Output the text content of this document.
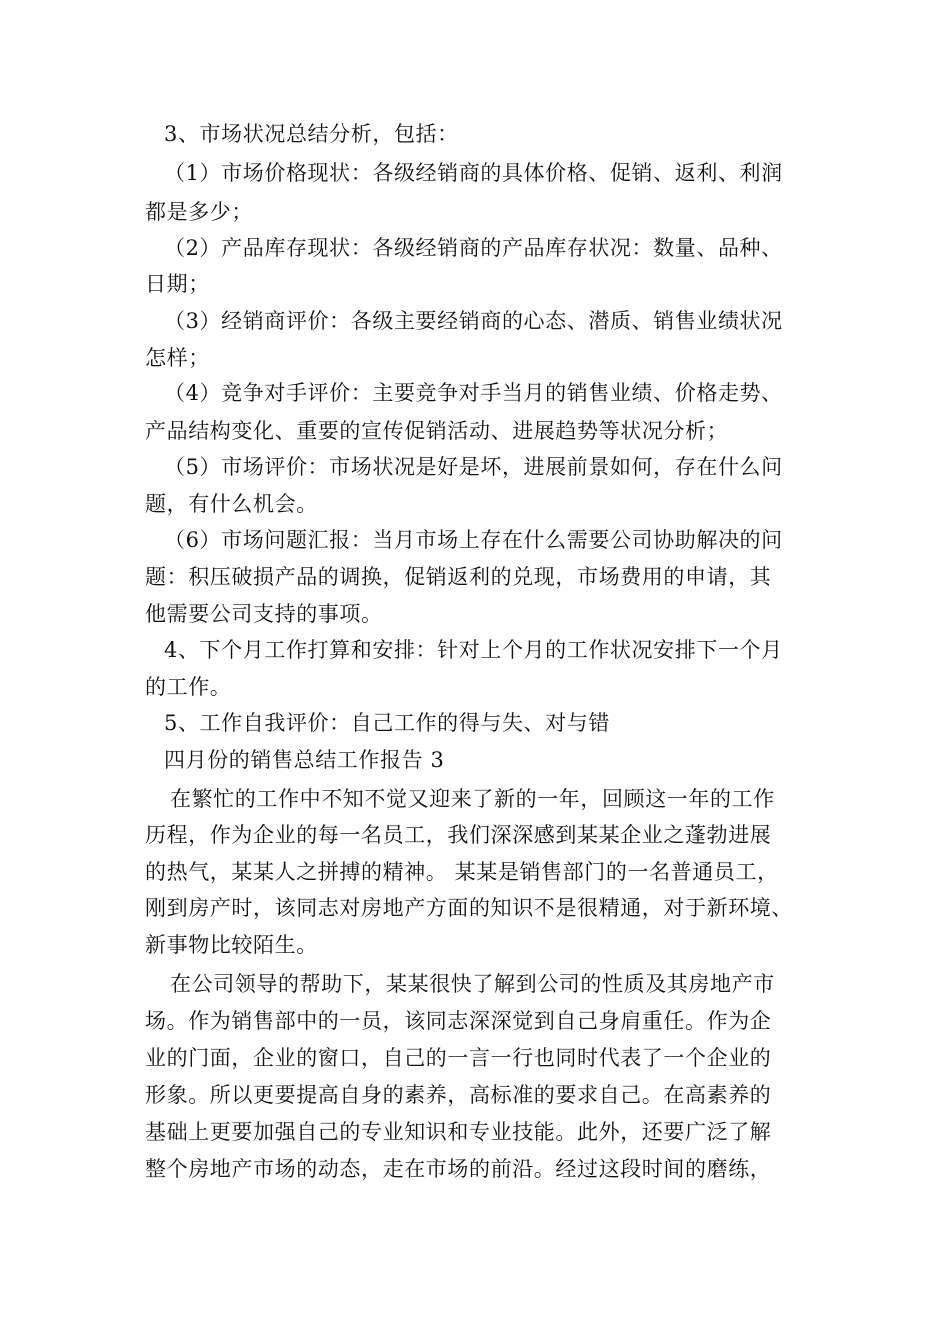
3、市场状况总结分析，包括：
（1）市场价格现状：各级经销商的具体价格、促销、返利、利润
都是多少；
（2）产品库存现状：各级经销商的产品库存状况：数量、品种、
日期；
（3）经销商评价：各级主要经销商的心态、潜质、销售业绩状况
怎样；
（4）竞争对手评价：主要竞争对手当月的销售业绩、价格走势、
产品结构变化、重要的宣传促销活动、进展趋势等状况分析；
（5）市场评价：市场状况是好是坏，进展前景如何，存在什么问
题，有什么机会。
（6）市场问题汇报：当月市场上存在什么需要公司协助解决的问
题：积压破损产品的调换，促销返利的兑现，市场费用的申请，其
他需要公司支持的事项。
4、下个月工作打算和安排：针对上个月的工作状况安排下一个月
的工作。
5、工作自我评价：自己工作的得与失、对与错
四月份的销售总结工作报告 3
在繁忙的工作中不知不觉又迎来了新的一年，回顾这一年的工作
历程，作为企业的每一名员工，我们深深感到某某企业之蓬勃进展
的热气，某某人之拼搏的精神。 某某是销售部门的一名普通员工，
刚到房产时，该同志对房地产方面的知识不是很精通，对于新环境、
新事物比较陌生。
在公司领导的帮助下，某某很快了解到公司的性质及其房地产市
场。作为销售部中的一员，该同志深深觉到自己身肩重任。作为企
业的门面，企业的窗口，自己的一言一行也同时代表了一个企业的
形象。所以更要提高自身的素养，高标准的要求自己。在高素养的
基础上更要加强自己的专业知识和专业技能。此外，还要广泛了解
整个房地产市场的动态，走在市场的前沿。经过这段时间的磨练，
